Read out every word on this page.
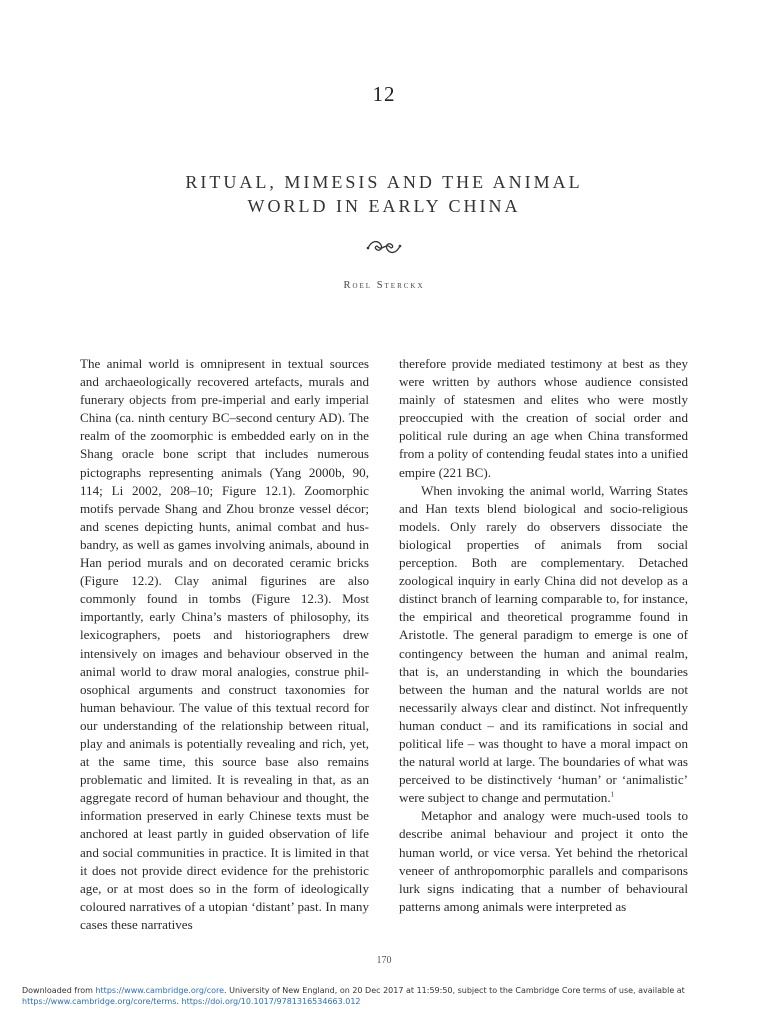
12
RITUAL, MIMESIS AND THE ANIMAL
WORLD IN EARLY CHINA
Roel Sterckx

The animal world is omnipresent in textual sources and archaeologically recovered artefacts, murals and funerary objects from pre-imperial and early imperial China (ca. ninth century BC–second century AD). The realm of the zoomorphic is embedded early on in the Shang oracle bone script that includes numerous pictographs representing animals (Yang 2000b, 90, 114; Li 2002, 208–10; Figure 12.1). Zoomorphic motifs pervade Shang and Zhou bronze vessel décor; and scenes depicting hunts, animal combat and husbandry, as well as games involving animals, abound in Han period murals and on decorated ceramic bricks (Figure 12.2). Clay animal figurines are also commonly found in tombs (Figure 12.3). Most importantly, early China’s masters of philosophy, its lexicographers, poets and historiographers drew intensively on images and behaviour observed in the animal world to draw moral analogies, construe philosophical arguments and construct taxonomies for human behaviour. The value of this textual record for our understanding of the relationship between ritual, play and animals is potentially revealing and rich, yet, at the same time, this source base also remains problematic and limited. It is revealing in that, as an aggregate record of human behaviour and thought, the information preserved in early Chinese texts must be anchored at least partly in guided observation of life and social communities in practice. It is limited in that it does not provide direct evidence for the prehistoric age, or at most does so in the form of ideologically coloured narratives of a utopian ‘distant’ past. In many cases these narratives

therefore provide mediated testimony at best as they were written by authors whose audience consisted mainly of statesmen and elites who were mostly preoccupied with the creation of social order and political rule during an age when China transformed from a polity of contending feudal states into a unified empire (221 BC).

When invoking the animal world, Warring States and Han texts blend biological and socio-religious models. Only rarely do observers dissociate the biological properties of animals from social perception. Both are complementary. Detached zoological inquiry in early China did not develop as a distinct branch of learning comparable to, for instance, the empirical and theoretical programme found in Aristotle. The general paradigm to emerge is one of contingency between the human and animal realm, that is, an understanding in which the boundaries between the human and the natural worlds are not necessarily always clear and distinct. Not infrequently human conduct – and its ramifications in social and political life – was thought to have a moral impact on the natural world at large. The boundaries of what was perceived to be distinctively ‘human’ or ‘animalistic’ were subject to change and permutation.$^1$

Metaphor and analogy were much-used tools to describe animal behaviour and project it onto the human world, or vice versa. Yet behind the rhetorical veneer of anthropomorphic parallels and comparisons lurk signs indicating that a number of behavioural patterns among animals were interpreted as

170
Downloaded from https://www.cambridge.org/core. University of New England, on 20 Dec 2017 at 11:59:50, subject to the Cambridge Core terms of use, available at
https://www.cambridge.org/core/terms. https://doi.org/10.1017/9781316534663.012
